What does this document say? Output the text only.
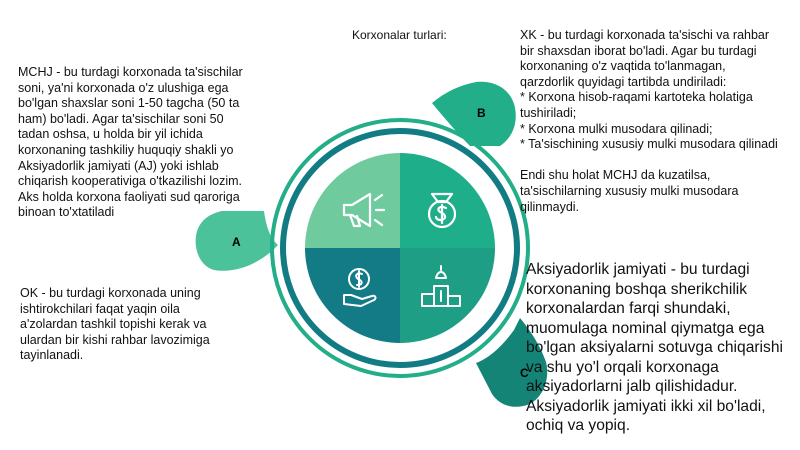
A
B
C
Korxonalar turlari:
MCHJ - bu turdagi korxonada ta'sischilar
soni, ya'ni korxonada o'z ulushiga ega
bo'lgan shaxslar soni 1-50 tagcha (50 ta
ham) bo'ladi. Agar ta'sischilar soni 50
tadan oshsa, u holda bir yil ichida
korxonaning tashkiliy huquqiy shakli yo
Aksiyadorlik jamiyati (AJ) yoki ishlab
chiqarish kooperativiga o'tkazilishi lozim.
Aks holda korxona faoliyati sud qaroriga
binoan to'xtatiladi
OK - bu turdagi korxonada uning
ishtirokchilari faqat yaqin oila
a'zolardan tashkil topishi kerak va
ulardan bir kishi rahbar lavozimiga
tayinlanadi.
XK - bu turdagi korxonada ta'sischi va rahbar
bir shaxsdan iborat bo'ladi. Agar bu turdagi
korxonaning o'z vaqtida to'lanmagan,
qarzdorlik quyidagi tartibda undiriladi:
* Korxona hisob-raqami kartoteka holatiga
tushiriladi;
* Korxona mulki musodara qilinadi;
* Ta'sischining xususiy mulki musodara qilinadi

Endi shu holat MCHJ da kuzatilsa,
ta'sischilarning xususiy mulki musodara
qilinmaydi.
Aksiyadorlik jamiyati - bu turdagi korxonaning boshqa sherikchilik korxonalardan farqi shundaki, muomulaga nominal qiymatga ega bo'lgan aksiyalarni sotuvga chiqarishi va shu yo'l orqali korxonaga aksiyadorlarni jalb qilishidadur. Aksiyadorlik jamiyati ikki xil bo'ladi, ochiq va yopiq.
